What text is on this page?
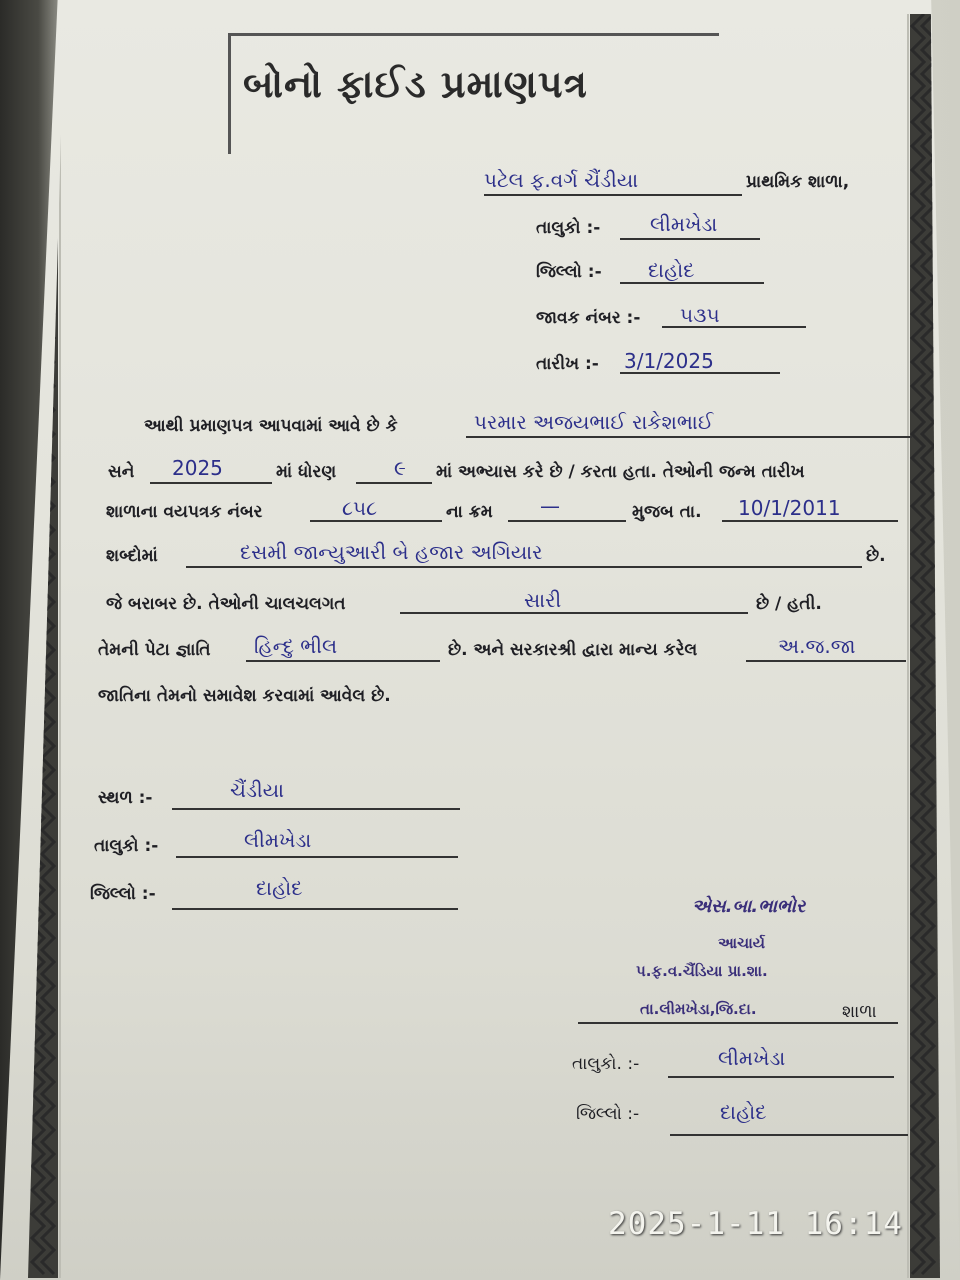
બોનો ફાઈડ પ્રમાણપત્ર
પટેલ ફ.વર્ગ ચૈંડીયા	પ્રાથમિક શાળા,
તાલુકો :- લીમખેડા
જિલ્લો :- દાહોદ
જાવક નંબર :- ૫૩૫
તારીખ :- 3/1/2025
આથી પ્રમાણપત્ર આપવામાં આવે છે કે	પરમાર અજયભાઈ રાકેશભાઈ
સને 2025	માં ધોરણ	૯ માં અભ્યાસ કરે છે / કરતા હતા. તેઓની જન્મ તારીખ
શાળાના વયપત્રક નંબર	૮૫૮	ના ક્રમ —	મુજબ તા. 10/1/2011
શબ્દોમાં	દસમી જાન્યુઆરી બે હજાર અગિયાર	છે.
જે બરાબર છે. તેઓની ચાલચલગત	સારી	છે / હતી.
તેમની પેટા જ્ઞાતિ હિન્દુ ભીલ	છે. અને સરકારશ્રી દ્વારા માન્ય કરેલ	અ.જ.જા
જાતિના તેમનો સમાવેશ કરવામાં આવેલ છે.
સ્થળ :-	ચૈંડીયા
તાલુકો :-	લીમખેડા
જિલ્લો :-	દાહોદ
એસ.બા.ભાભોર
આચાર્ય
પ.ફ.વ.ચૈંડિયા પ્રા.શા.
તા.લીમખેડા,જિ.દા.	શાળા
તાલુકો. :-	લીમખેડા
જિલ્લો :-	દાહોદ
2025-1-11 16:14
